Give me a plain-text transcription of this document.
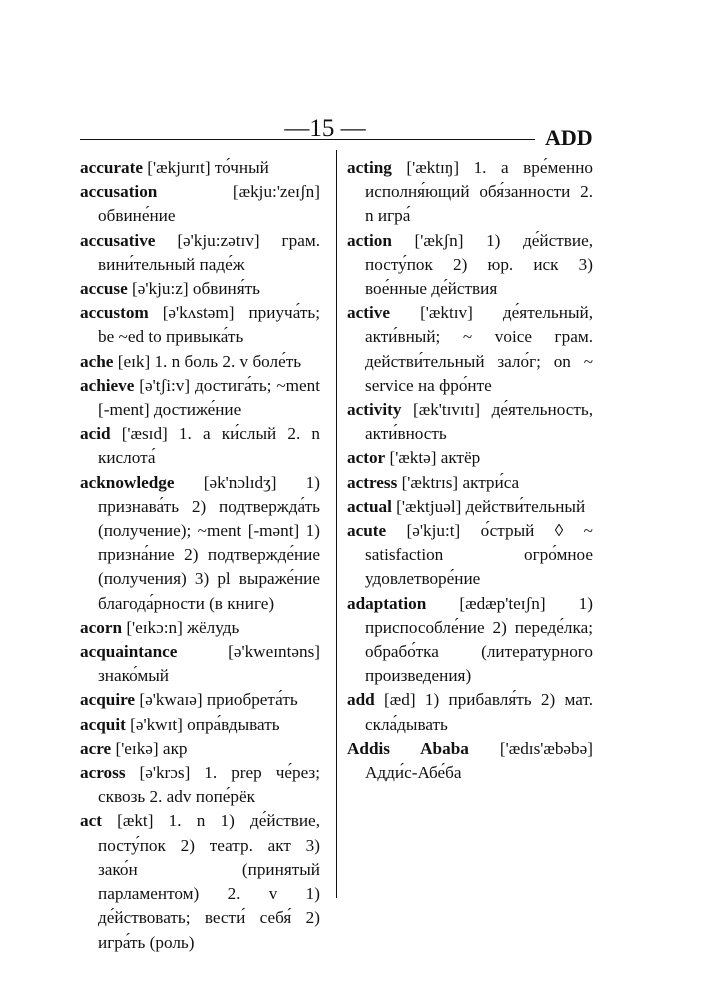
—15 —	ADD
accurate ['ækjurɪt] то́чный
accusation [ækju:'zeɪʃn] обвине́ние
accusative [ə'kju:zətɪv] грам. вини́тельный паде́ж
accuse [ə'kju:z] обвиня́ть
accustom [ə'kʌstəm] приуча́ть; be ~ed to привыка́ть
ache [eɪk] 1. n боль 2. v боле́ть
achieve [ə'tʃi:v] достига́ть; ~ment [-ment] достиже́ние
acid ['æsɪd] 1. a ки́слый 2. n кислота́
acknowledge [ək'nɔlɪdʒ] 1) признава́ть 2) подтвержда́ть (получение); ~ment [-mənt] 1) призна́ние 2) подтвержде́ние (получения) 3) pl выраже́ние благода́рности (в книге)
acorn ['eɪkɔ:n] жёлудь
acquaintance [ə'kweɪntəns] знако́мый
acquire [ə'kwaɪə] приобрета́ть
acquit [ə'kwɪt] опра́вдывать
acre ['eɪkə] акр
across [ə'krɔs] 1. prep че́рез; сквозь 2. adv попе́рёк
act [ækt] 1. n 1) де́йствие, посту́пок 2) театр. акт 3) зако́н (принятый парламентом) 2. v 1) де́йствовать; вести́ себя́ 2) игра́ть (роль)
acting ['æktɪŋ] 1. a вре́менно исполня́ющий обя́занности 2. n игра́
action ['ækʃn] 1) де́йствие, посту́пок 2) юр. иск 3) вое́нные де́йствия
active ['æktɪv] де́ятельный, акти́вный; ~ voice грам. действи́тельный зало́г; on ~ service на фро́нте
activity [æk'tɪvɪtɪ] де́ятельность, акти́вность
actor ['æktə] актёр
actress ['æktrɪs] актри́са
actual ['æktjuəl] действи́тельный
acute [ə'kju:t] о́стрый ◊ ~ satisfaction огро́мное удовлетворе́ние
adaptation [ædæp'teɪʃn] 1) приспособле́ние 2) переде́лка; обрабо́тка (литературного произведения)
add [æd] 1) прибавля́ть 2) мат. скла́дывать
Addis Ababa ['ædɪs'æbəbə] Адди́с-Абе́ба
